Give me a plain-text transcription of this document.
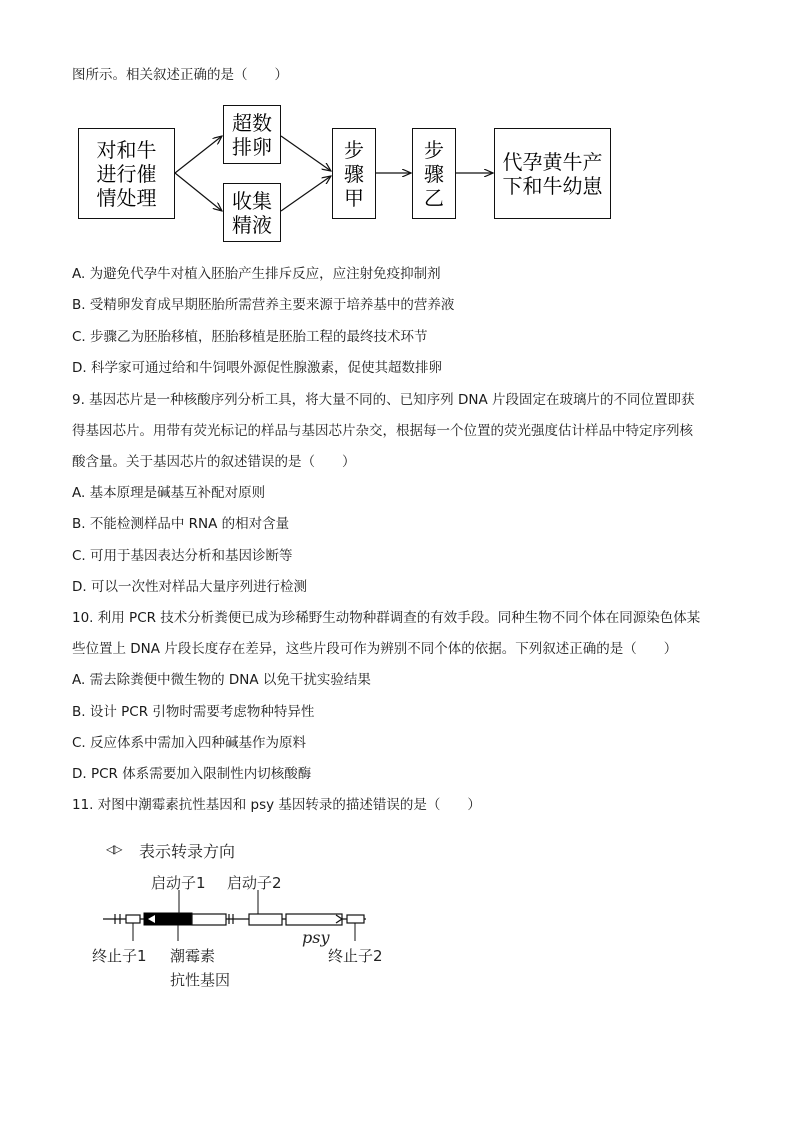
图所示。相关叙述正确的是（　　）
对和牛
进行催
情处理
超数
排卵
收集
精液
步
骤
甲
步
骤
乙
代孕黄牛产
下和牛幼崽
A. 为避免代孕牛对植入胚胎产生排斥反应，应注射免疫抑制剂
B. 受精卵发育成早期胚胎所需营养主要来源于培养基中的营养液
C. 步骤乙为胚胎移植，胚胎移植是胚胎工程的最终技术环节
D. 科学家可通过给和牛饲喂外源促性腺激素，促使其超数排卵
9. 基因芯片是一种核酸序列分析工具，将大量不同的、已知序列 DNA 片段固定在玻璃片的不同位置即获
得基因芯片。用带有荧光标记的样品与基因芯片杂交，根据每一个位置的荧光强度估计样品中特定序列核
酸含量。关于基因芯片的叙述错误的是（　　）
A. 基本原理是碱基互补配对原则
B. 不能检测样品中 RNA 的相对含量
C. 可用于基因表达分析和基因诊断等
D. 可以一次性对样品大量序列进行检测
10. 利用 PCR 技术分析粪便已成为珍稀野生动物种群调查的有效手段。同种生物不同个体在同源染色体某
些位置上 DNA 片段长度存在差异，这些片段可作为辨别不同个体的依据。下列叙述正确的是（　　）
A. 需去除粪便中微生物的 DNA 以免干扰实验结果
B. 设计 PCR 引物时需要考虑物种特异性
C. 反应体系中需加入四种碱基作为原料
D. PCR 体系需要加入限制性内切核酸酶
11. 对图中潮霉素抗性基因和 psy 基因转录的描述错误的是（　　）
◁▷ 表示转录方向
启动子1 启动子2
终止子1 潮霉素
抗性基因
psy
终止子2
